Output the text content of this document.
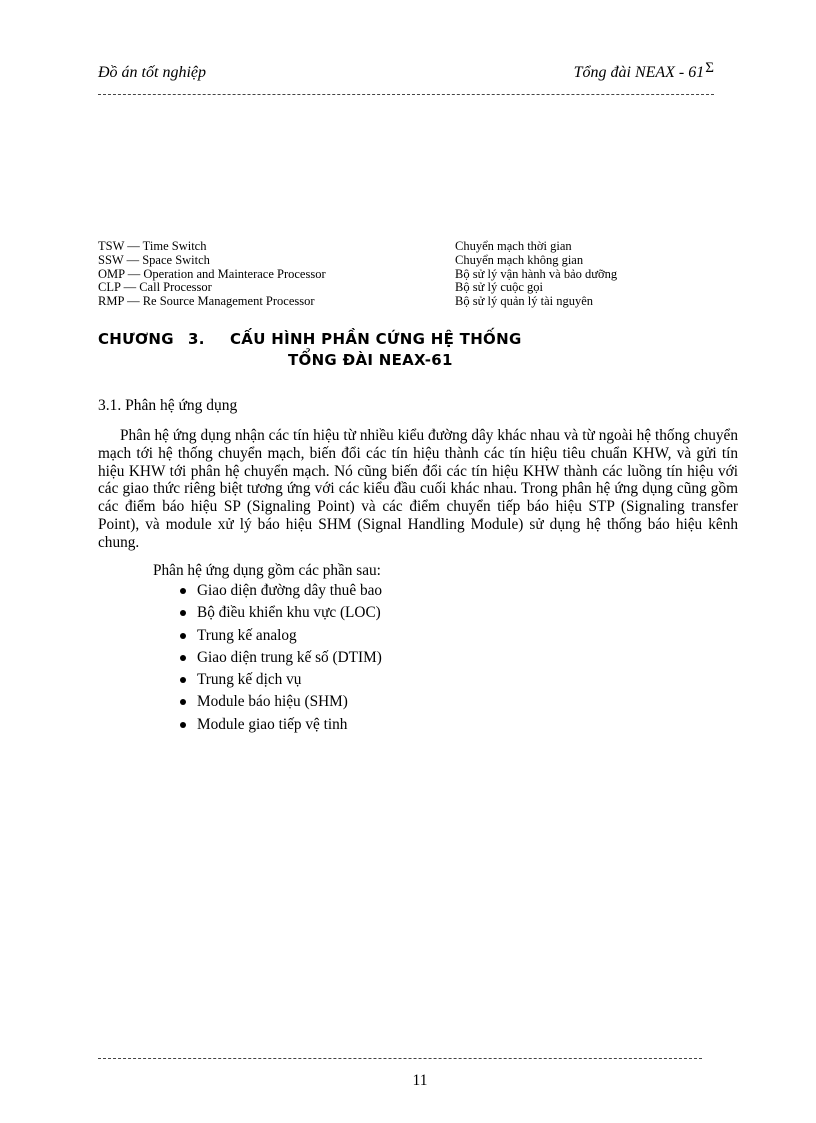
Đồ án tốt nghiệp	Tổng đài NEAX - 61Σ
TSW — Time Switch	Chuyển mạch thời gian
SSW — Space Switch	Chuyển mạch không gian
OMP — Operation and Mainterace Processor	Bộ sử lý vận hành và bảo dưỡng
CLP — Call Processor	Bộ sử lý cuộc gọi
RMP — Re Source Management Processor	Bộ sử lý quản lý tài nguyên
CHƯƠNG 3. CẤU HÌNH PHẦN CỨNG HỆ THỐNG
TỔNG ĐÀI NEAX-61
3.1. Phân hệ ứng dụng
Phân hệ ứng dụng nhận các tín hiệu từ nhiều kiểu đường dây khác nhau và từ ngoài hệ thống chuyển mạch tới hệ thống chuyển mạch, biến đổi các tín hiệu thành các tín hiệu tiêu chuẩn KHW, và gửi tín hiệu KHW tới phân hệ chuyển mạch. Nó cũng biến đổi các tín hiệu KHW thành các luồng tín hiệu với các giao thức riêng biệt tương ứng với các kiểu đầu cuối khác nhau. Trong phân hệ ứng dụng cũng gồm các điểm báo hiệu SP (Signaling Point) và các điểm chuyển tiếp báo hiệu STP (Signaling transfer Point), và module xử lý báo hiệu SHM (Signal Handling Module) sử dụng hệ thống báo hiệu kênh chung.
Phân hệ ứng dụng gồm các phần sau:
Giao diện đường dây thuê bao
Bộ điều khiển khu vực (LOC)
Trung kế analog
Giao diện trung kế số (DTIM)
Trung kế dịch vụ
Module báo hiệu (SHM)
Module giao tiếp vệ tinh
11
